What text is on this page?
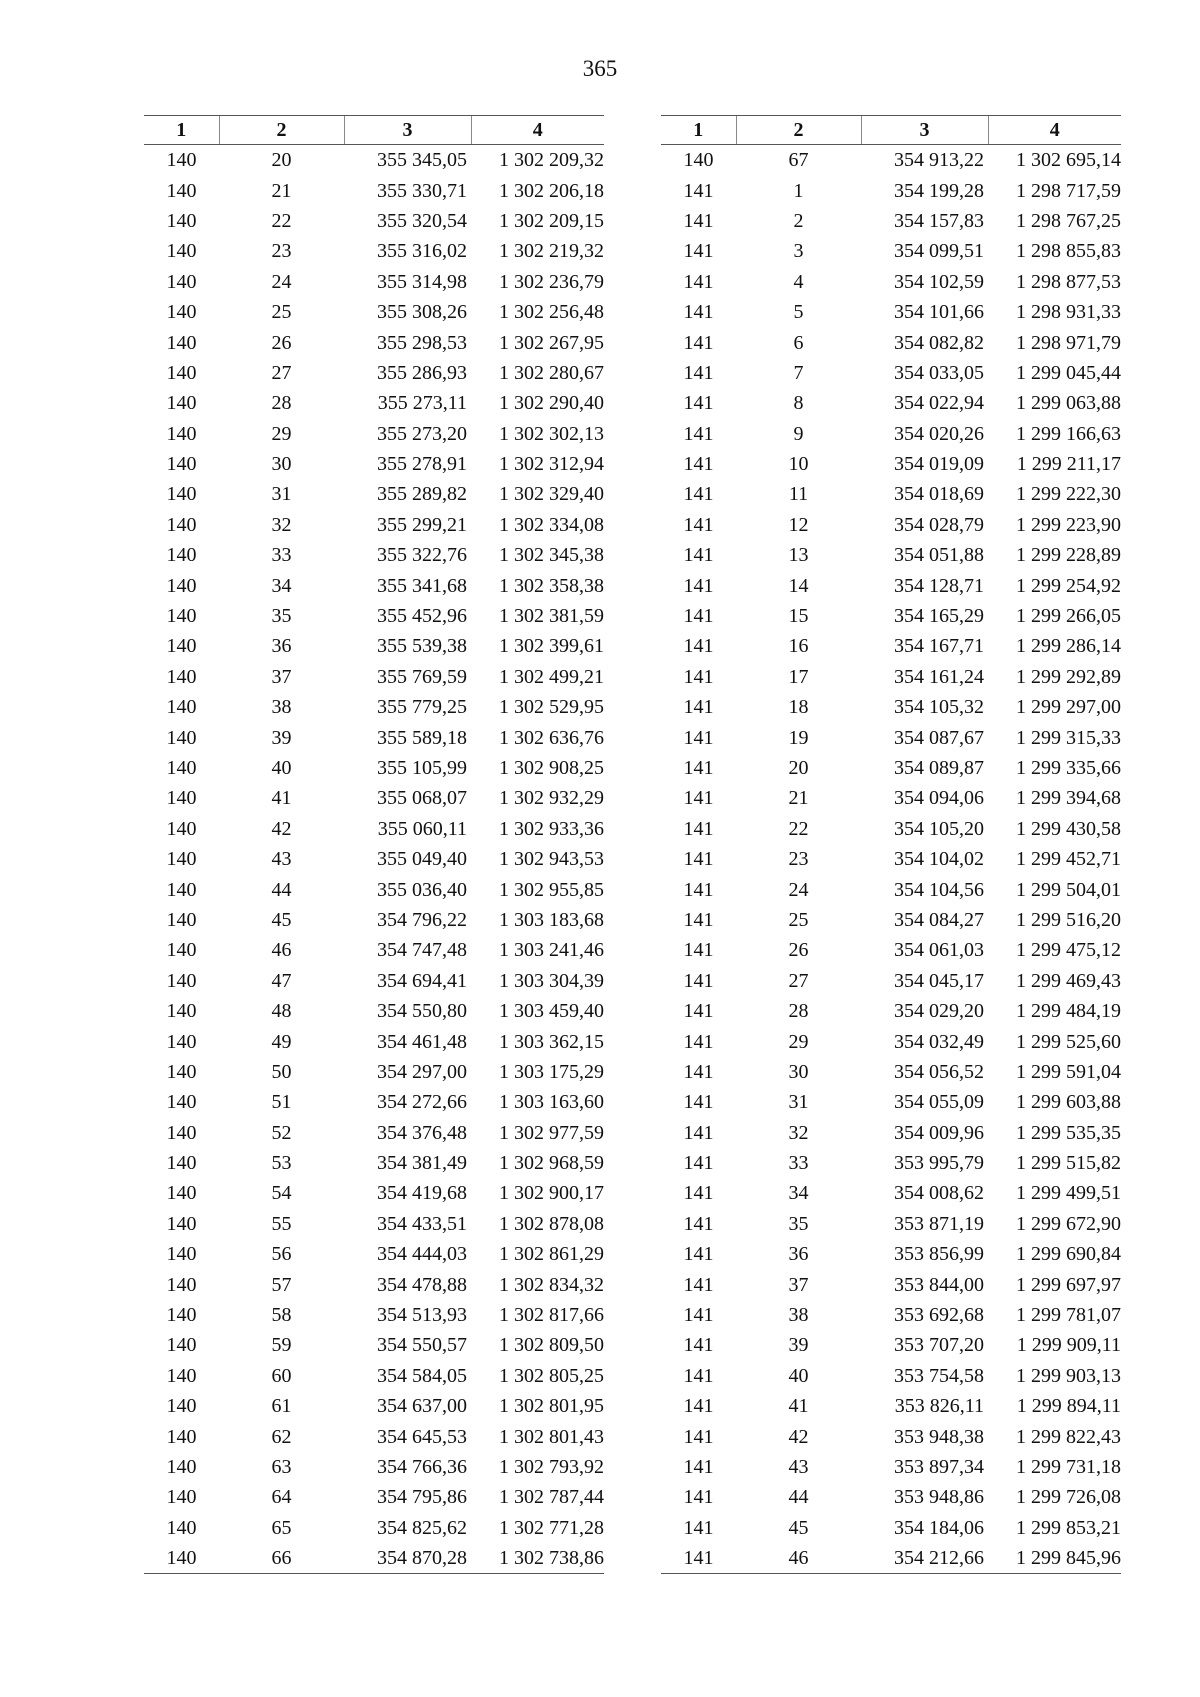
365
1	2	3	4
140	20	355 345,05	1 302 209,32
140	21	355 330,71	1 302 206,18
140	22	355 320,54	1 302 209,15
140	23	355 316,02	1 302 219,32
140	24	355 314,98	1 302 236,79
140	25	355 308,26	1 302 256,48
140	26	355 298,53	1 302 267,95
140	27	355 286,93	1 302 280,67
140	28	355 273,11	1 302 290,40
140	29	355 273,20	1 302 302,13
140	30	355 278,91	1 302 312,94
140	31	355 289,82	1 302 329,40
140	32	355 299,21	1 302 334,08
140	33	355 322,76	1 302 345,38
140	34	355 341,68	1 302 358,38
140	35	355 452,96	1 302 381,59
140	36	355 539,38	1 302 399,61
140	37	355 769,59	1 302 499,21
140	38	355 779,25	1 302 529,95
140	39	355 589,18	1 302 636,76
140	40	355 105,99	1 302 908,25
140	41	355 068,07	1 302 932,29
140	42	355 060,11	1 302 933,36
140	43	355 049,40	1 302 943,53
140	44	355 036,40	1 302 955,85
140	45	354 796,22	1 303 183,68
140	46	354 747,48	1 303 241,46
140	47	354 694,41	1 303 304,39
140	48	354 550,80	1 303 459,40
140	49	354 461,48	1 303 362,15
140	50	354 297,00	1 303 175,29
140	51	354 272,66	1 303 163,60
140	52	354 376,48	1 302 977,59
140	53	354 381,49	1 302 968,59
140	54	354 419,68	1 302 900,17
140	55	354 433,51	1 302 878,08
140	56	354 444,03	1 302 861,29
140	57	354 478,88	1 302 834,32
140	58	354 513,93	1 302 817,66
140	59	354 550,57	1 302 809,50
140	60	354 584,05	1 302 805,25
140	61	354 637,00	1 302 801,95
140	62	354 645,53	1 302 801,43
140	63	354 766,36	1 302 793,92
140	64	354 795,86	1 302 787,44
140	65	354 825,62	1 302 771,28
140	66	354 870,28	1 302 738,86
1	2	3	4
140	67	354 913,22	1 302 695,14
141	1	354 199,28	1 298 717,59
141	2	354 157,83	1 298 767,25
141	3	354 099,51	1 298 855,83
141	4	354 102,59	1 298 877,53
141	5	354 101,66	1 298 931,33
141	6	354 082,82	1 298 971,79
141	7	354 033,05	1 299 045,44
141	8	354 022,94	1 299 063,88
141	9	354 020,26	1 299 166,63
141	10	354 019,09	1 299 211,17
141	11	354 018,69	1 299 222,30
141	12	354 028,79	1 299 223,90
141	13	354 051,88	1 299 228,89
141	14	354 128,71	1 299 254,92
141	15	354 165,29	1 299 266,05
141	16	354 167,71	1 299 286,14
141	17	354 161,24	1 299 292,89
141	18	354 105,32	1 299 297,00
141	19	354 087,67	1 299 315,33
141	20	354 089,87	1 299 335,66
141	21	354 094,06	1 299 394,68
141	22	354 105,20	1 299 430,58
141	23	354 104,02	1 299 452,71
141	24	354 104,56	1 299 504,01
141	25	354 084,27	1 299 516,20
141	26	354 061,03	1 299 475,12
141	27	354 045,17	1 299 469,43
141	28	354 029,20	1 299 484,19
141	29	354 032,49	1 299 525,60
141	30	354 056,52	1 299 591,04
141	31	354 055,09	1 299 603,88
141	32	354 009,96	1 299 535,35
141	33	353 995,79	1 299 515,82
141	34	354 008,62	1 299 499,51
141	35	353 871,19	1 299 672,90
141	36	353 856,99	1 299 690,84
141	37	353 844,00	1 299 697,97
141	38	353 692,68	1 299 781,07
141	39	353 707,20	1 299 909,11
141	40	353 754,58	1 299 903,13
141	41	353 826,11	1 299 894,11
141	42	353 948,38	1 299 822,43
141	43	353 897,34	1 299 731,18
141	44	353 948,86	1 299 726,08
141	45	354 184,06	1 299 853,21
141	46	354 212,66	1 299 845,96
